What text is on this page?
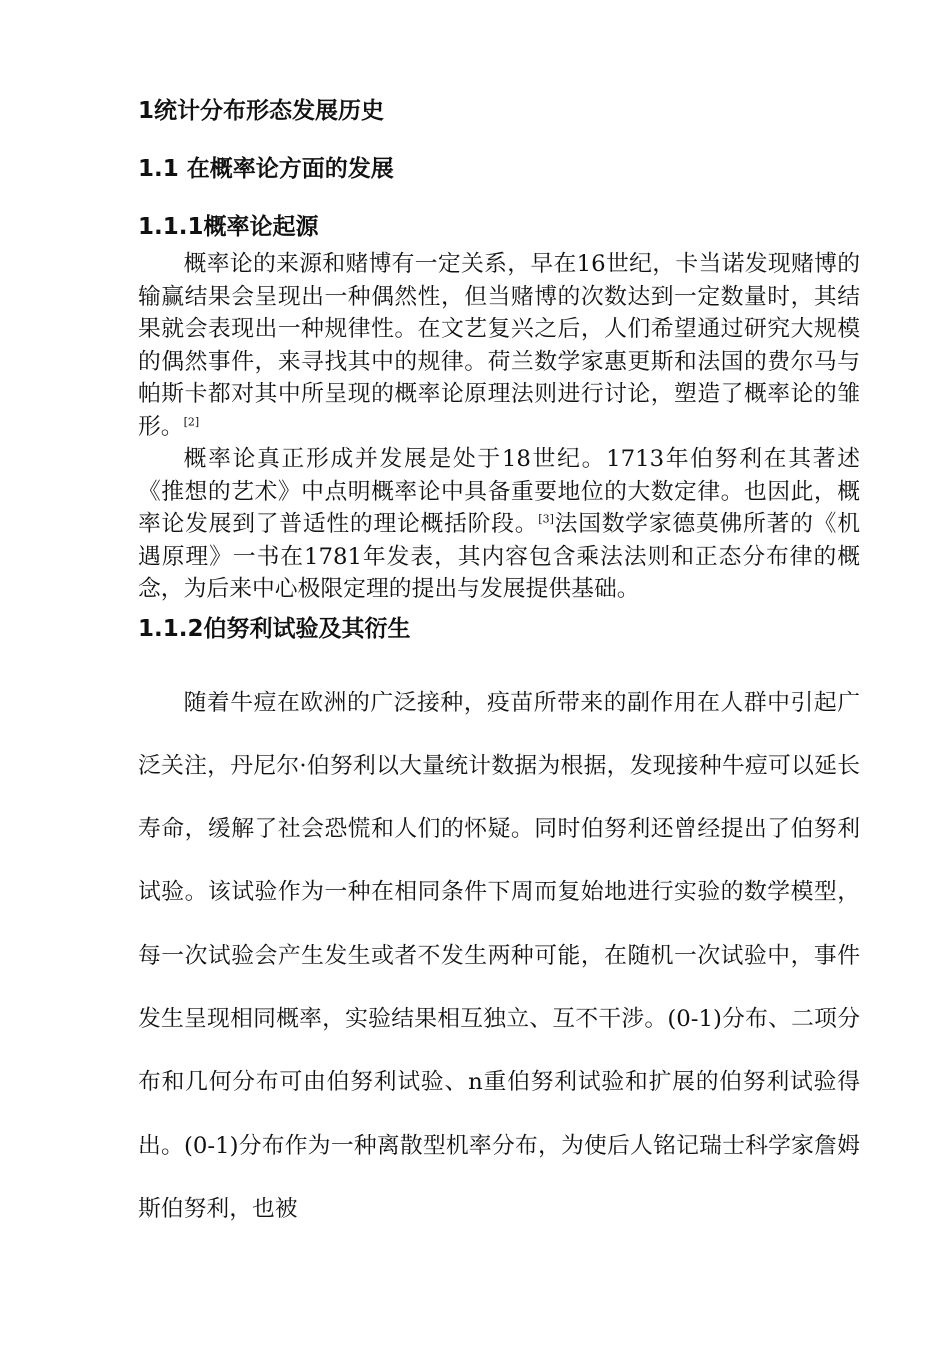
1统计分布形态发展历史

1.1 在概率论方面的发展

1.1.1概率论起源

概率论的来源和赌博有一定关系，早在16世纪，卡当诺发现赌博的输赢结果会呈现出一种偶然性，但当赌博的次数达到一定数量时，其结果就会表现出一种规律性。在文艺复兴之后，人们希望通过研究大规模的偶然事件，来寻找其中的规律。荷兰数学家惠更斯和法国的费尔马与帕斯卡都对其中所呈现的概率论原理法则进行讨论，塑造了概率论的雏形。[2]

概率论真正形成并发展是处于18世纪。1713年伯努利在其著述《推想的艺术》中点明概率论中具备重要地位的大数定律。也因此，概率论发展到了普适性的理论概括阶段。[3]法国数学家德莫佛所著的《机遇原理》一书在1781年发表，其内容包含乘法法则和正态分布律的概念，为后来中心极限定理的提出与发展提供基础。

1.1.2伯努利试验及其衍生

随着牛痘在欧洲的广泛接种，疫苗所带来的副作用在人群中引起广泛关注，丹尼尔·伯努利以大量统计数据为根据，发现接种牛痘可以延长寿命，缓解了社会恐慌和人们的怀疑。同时伯努利还曾经提出了伯努利试验。该试验作为一种在相同条件下周而复始地进行实验的数学模型，每一次试验会产生发生或者不发生两种可能，在随机一次试验中，事件发生呈现相同概率，实验结果相互独立、互不干涉。(0-1)分布、二项分布和几何分布可由伯努利试验、n重伯努利试验和扩展的伯努利试验得出。(0-1)分布作为一种离散型机率分布，为使后人铭记瑞士科学家詹姆斯伯努利，也被
